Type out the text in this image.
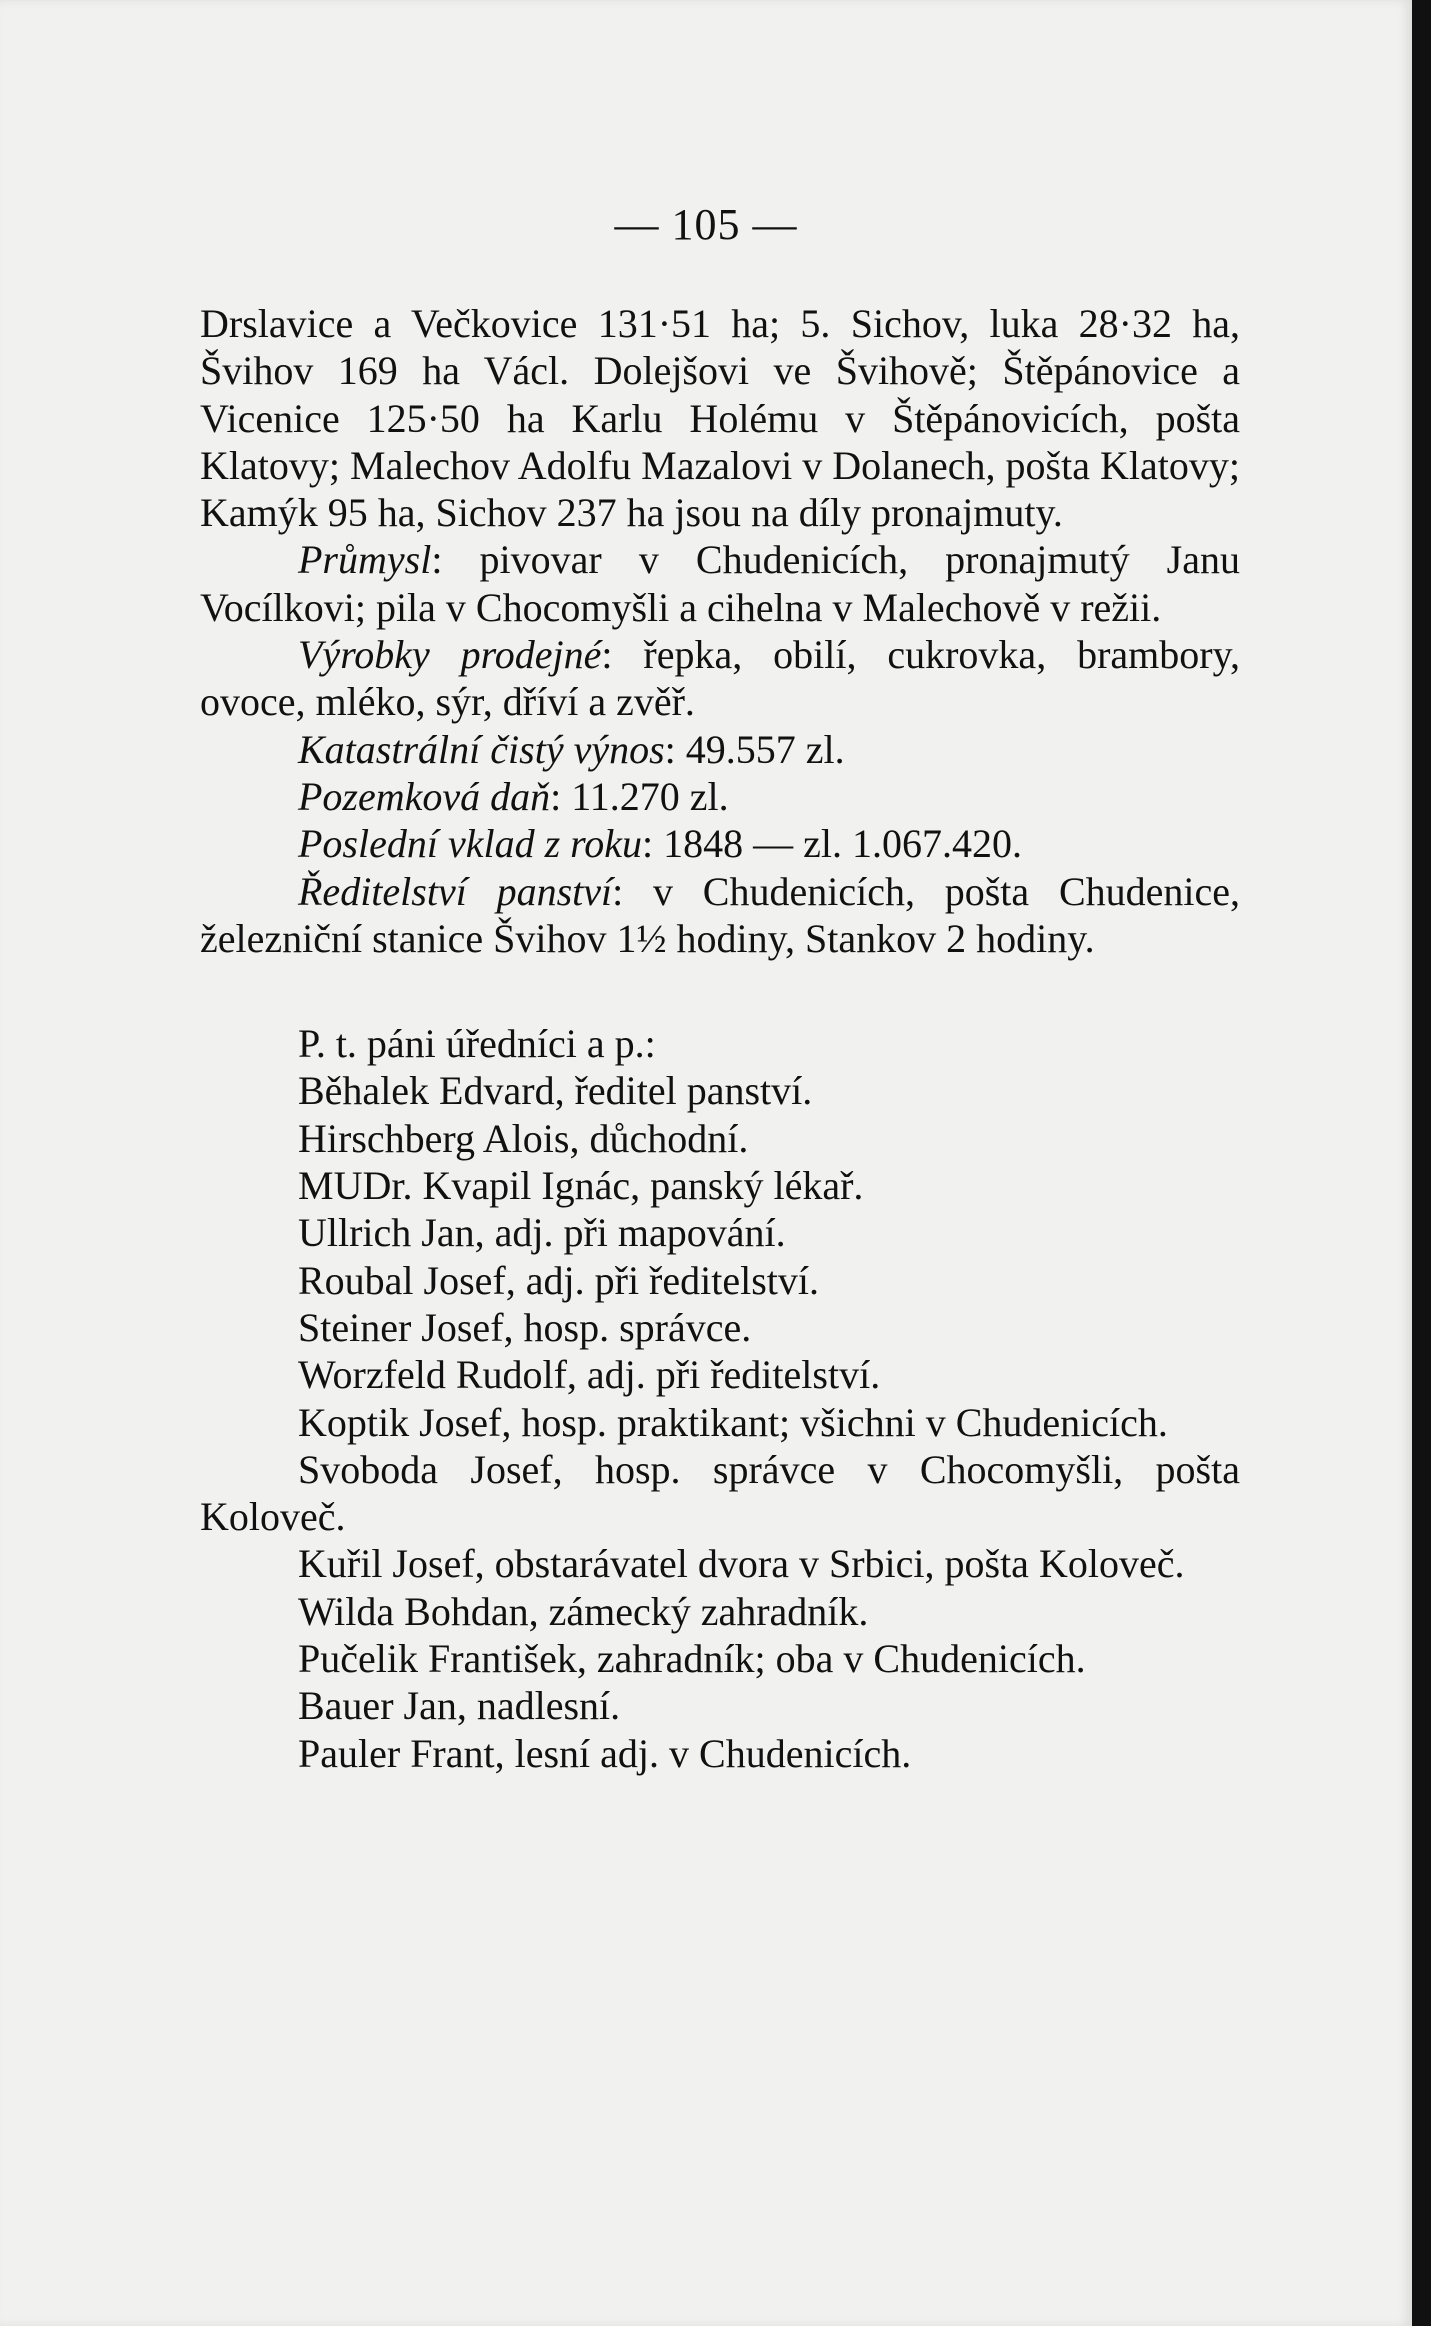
— 105 —

Drslavice a Večkovice 131·51 ha; 5. Sichov, luka 28·32 ha, Švihov 169 ha Václ. Dolejšovi ve Švihově; Štěpánovice a Vicenice 125·50 ha Karlu Holému v Štěpánovicích, pošta Klatovy; Malechov Adolfu Mazalovi v Dolanech, pošta Klatovy; Kamýk 95 ha, Sichov 237 ha jsou na díly pronajmuty.

Průmysl: pivovar v Chudenicích, pronajmutý Janu Vocílkovi; pila v Chocomyšli a cihelna v Malechově v režii.

Výrobky prodejné: řepka, obilí, cukrovka, brambory, ovoce, mléko, sýr, dříví a zvěř.

Katastrální čistý výnos: 49.557 zl.

Pozemková daň: 11.270 zl.

Poslední vklad z roku: 1848 — zl. 1.067.420.

Ředitelství panství: v Chudenicích, pošta Chudenice, železniční stanice Švihov 1½ hodiny, Stankov 2 hodiny.

P. t. páni úředníci a p.:

Běhalek Edvard, ředitel panství.

Hirschberg Alois, důchodní.

MUDr. Kvapil Ignác, panský lékař.

Ullrich Jan, adj. při mapování.

Roubal Josef, adj. při ředitelství.

Steiner Josef, hosp. správce.

Worzfeld Rudolf, adj. při ředitelství.

Koptik Josef, hosp. praktikant; všichni v Chudenicích.

Svoboda Josef, hosp. správce v Chocomyšli, pošta Koloveč.

Kuřil Josef, obstarávatel dvora v Srbici, pošta Koloveč.

Wilda Bohdan, zámecký zahradník.

Pučelik František, zahradník; oba v Chudenicích.

Bauer Jan, nadlesní.

Pauler Frant, lesní adj. v Chudenicích.
